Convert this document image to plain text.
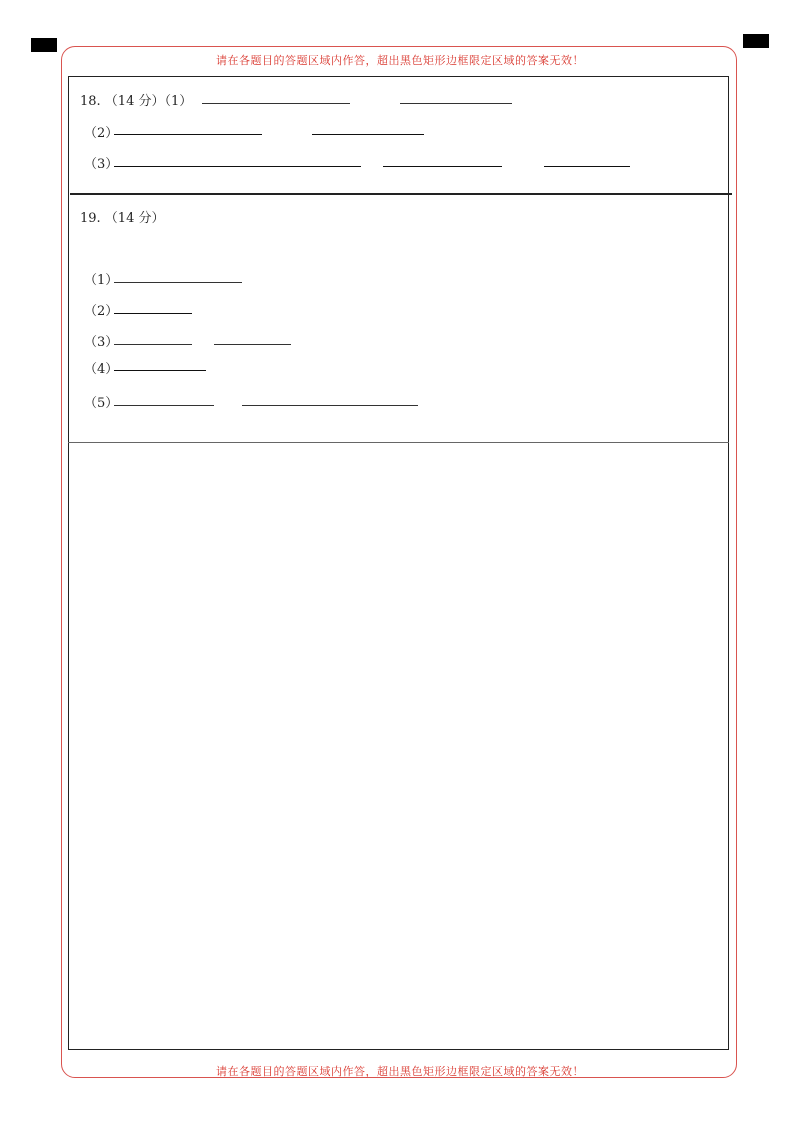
请在各题目的答题区域内作答，超出黑色矩形边框限定区域的答案无效！
请在各题目的答题区域内作答，超出黑色矩形边框限定区域的答案无效！
18. （14 分）（1）
（2）
（3）
19. （14 分）
（1）
（2）
（3）
（4）
（5）
